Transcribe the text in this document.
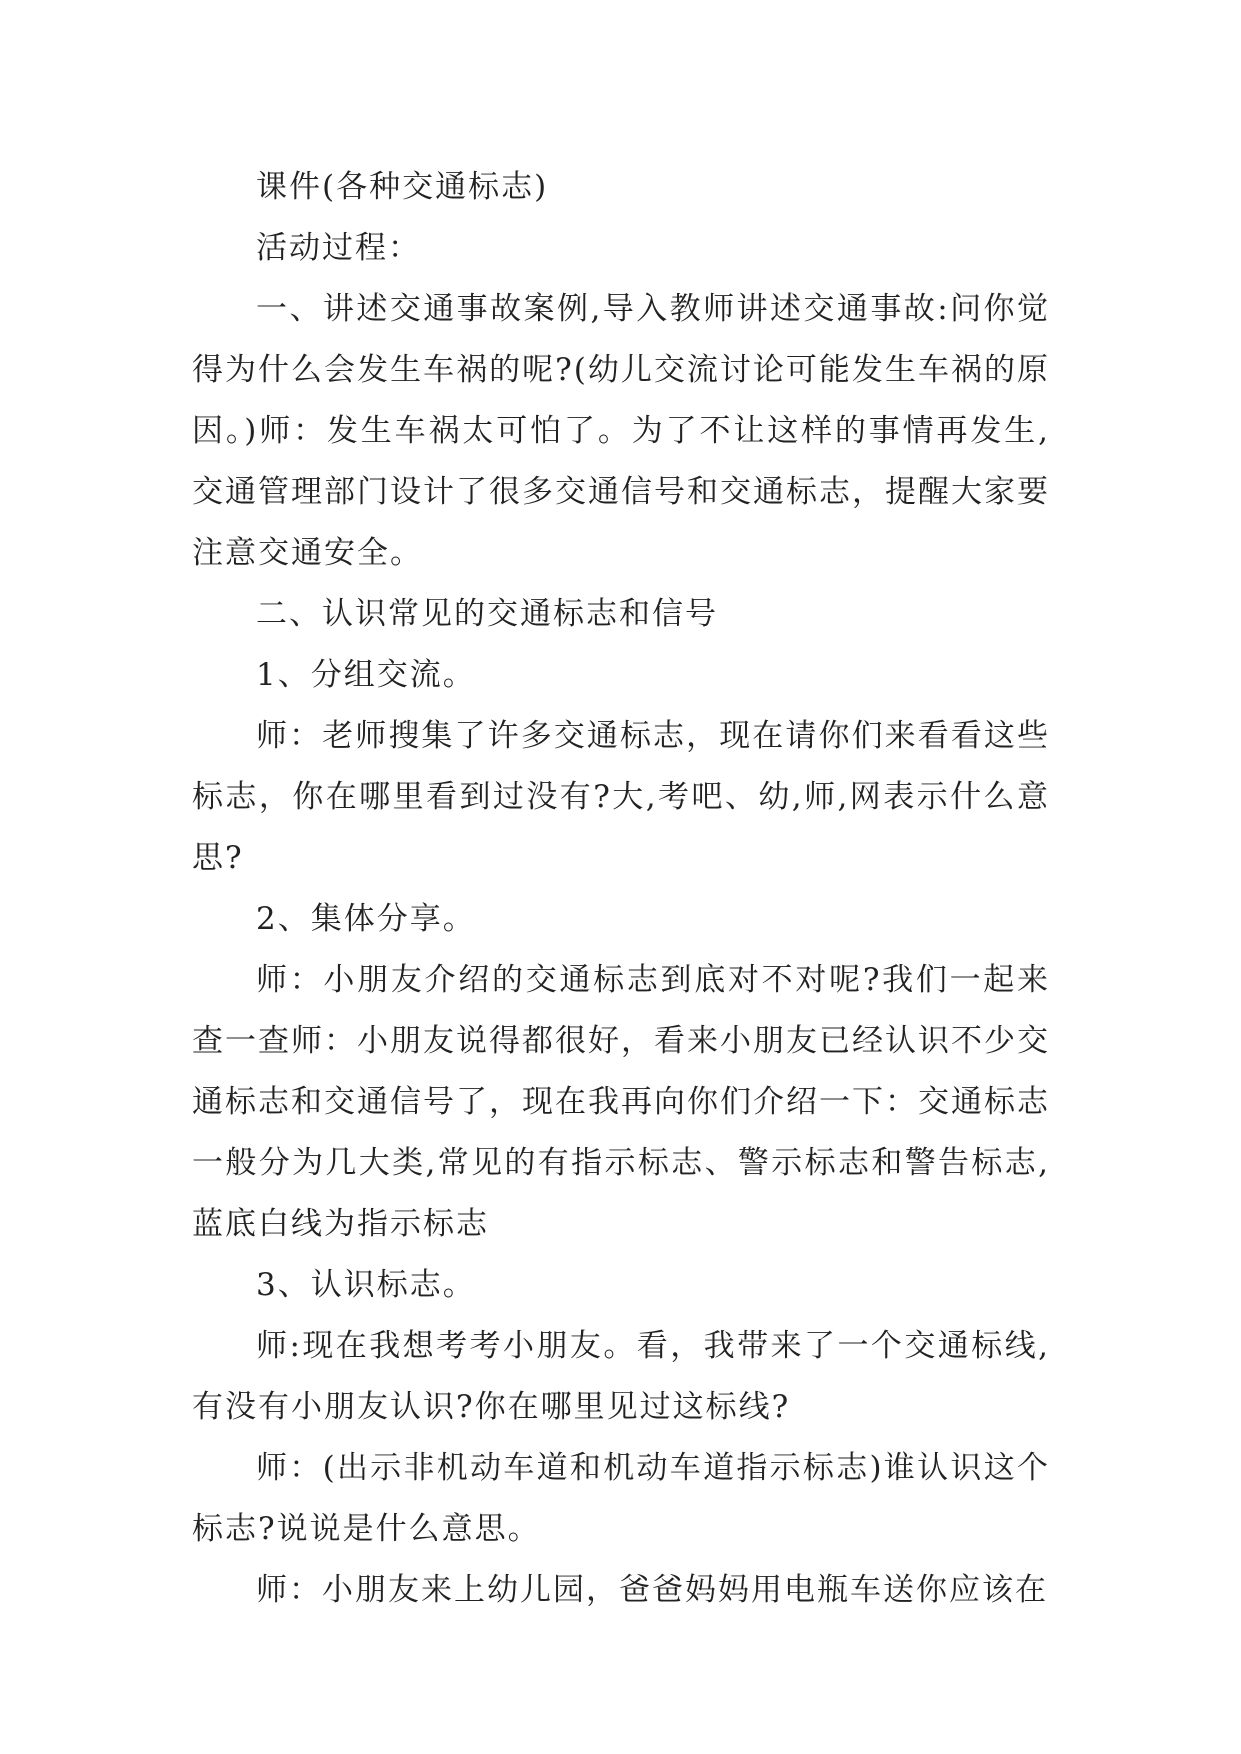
课件(各种交通标志)

活动过程：

一、讲述交通事故案例,导入教师讲述交通事故:问你觉得为什么会发生车祸的呢?(幼儿交流讨论可能发生车祸的原因。)师：发生车祸太可怕了。为了不让这样的事情再发生,交通管理部门设计了很多交通信号和交通标志，提醒大家要注意交通安全。

二、认识常见的交通标志和信号

1、分组交流。

师：老师搜集了许多交通标志，现在请你们来看看这些标志，你在哪里看到过没有?大,考吧、幼,师,网表示什么意思?

2、集体分享。

师：小朋友介绍的交通标志到底对不对呢?我们一起来查一查师：小朋友说得都很好，看来小朋友已经认识不少交通标志和交通信号了，现在我再向你们介绍一下：交通标志一般分为几大类,常见的有指示标志、警示标志和警告标志,蓝底白线为指示标志

3、认识标志。

师:现在我想考考小朋友。看，我带来了一个交通标线,有没有小朋友认识?你在哪里见过这标线?

师：(出示非机动车道和机动车道指示标志)谁认识这个标志?说说是什么意思。

师：小朋友来上幼儿园，爸爸妈妈用电瓶车送你应该在
